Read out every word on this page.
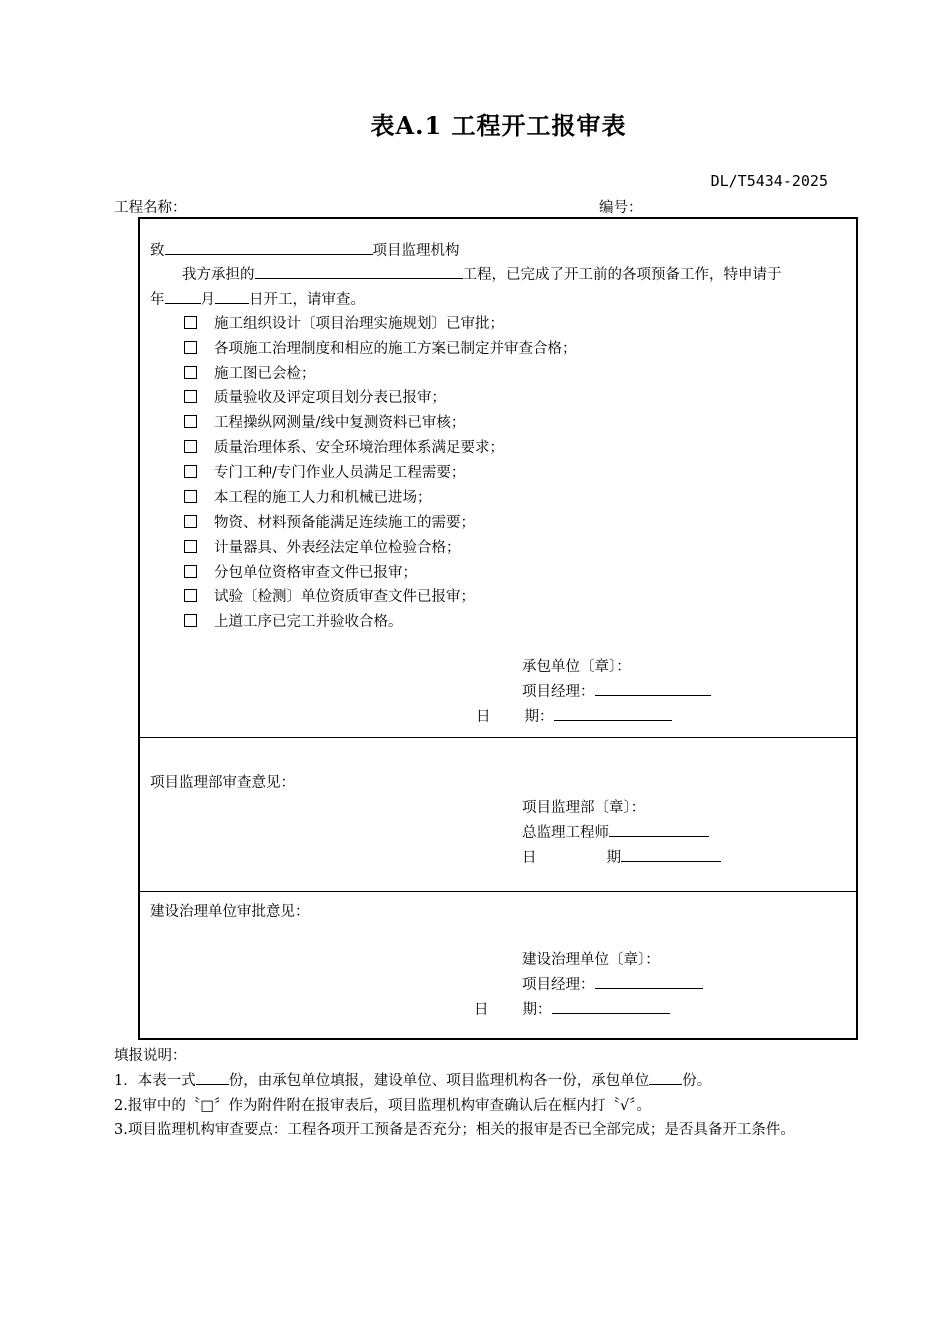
表A.1 工程开工报审表
DL/T5434-2025
工程名称：	编号：
致	项目监理机构
我方承担的	工程，已完成了开工前的各项预备工作，特申请于
年 月 日开工，请审查。
施工组织设计〔项目治理实施规划〕已审批；
各项施工治理制度和相应的施工方案已制定并审查合格；
施工图已会检；
质量验收及评定项目划分表已报审；
工程操纵网测量/线中复测资料已审核；
质量治理体系、安全环境治理体系满足要求；
专门工种/专门作业人员满足工程需要；
本工程的施工人力和机械已进场；
物资、材料预备能满足连续施工的需要；
计量器具、外表经法定单位检验合格；
分包单位资格审查文件已报审；
试验〔检测〕单位资质审查文件已报审；
上道工序已完工并验收合格。
承包单位〔章〕：
项目经理：
日 期：
项目监理部审查意见：
项目监理部〔章〕：
总监理工程师
日	期
建设治理单位审批意见：
建设治理单位〔章〕：
项目经理：
日 期：
填报说明：
1．本表一式 份，由承包单位填报，建设单位、项目监理机构各一份，承包单位 份。
2.报审中的〝□〞作为附件附在报审表后，项目监理机构审查确认后在框内打〝√〞。
3.项目监理机构审查要点：工程各项开工预备是否充分；相关的报审是否已全部完成；是否具备开工条件。
